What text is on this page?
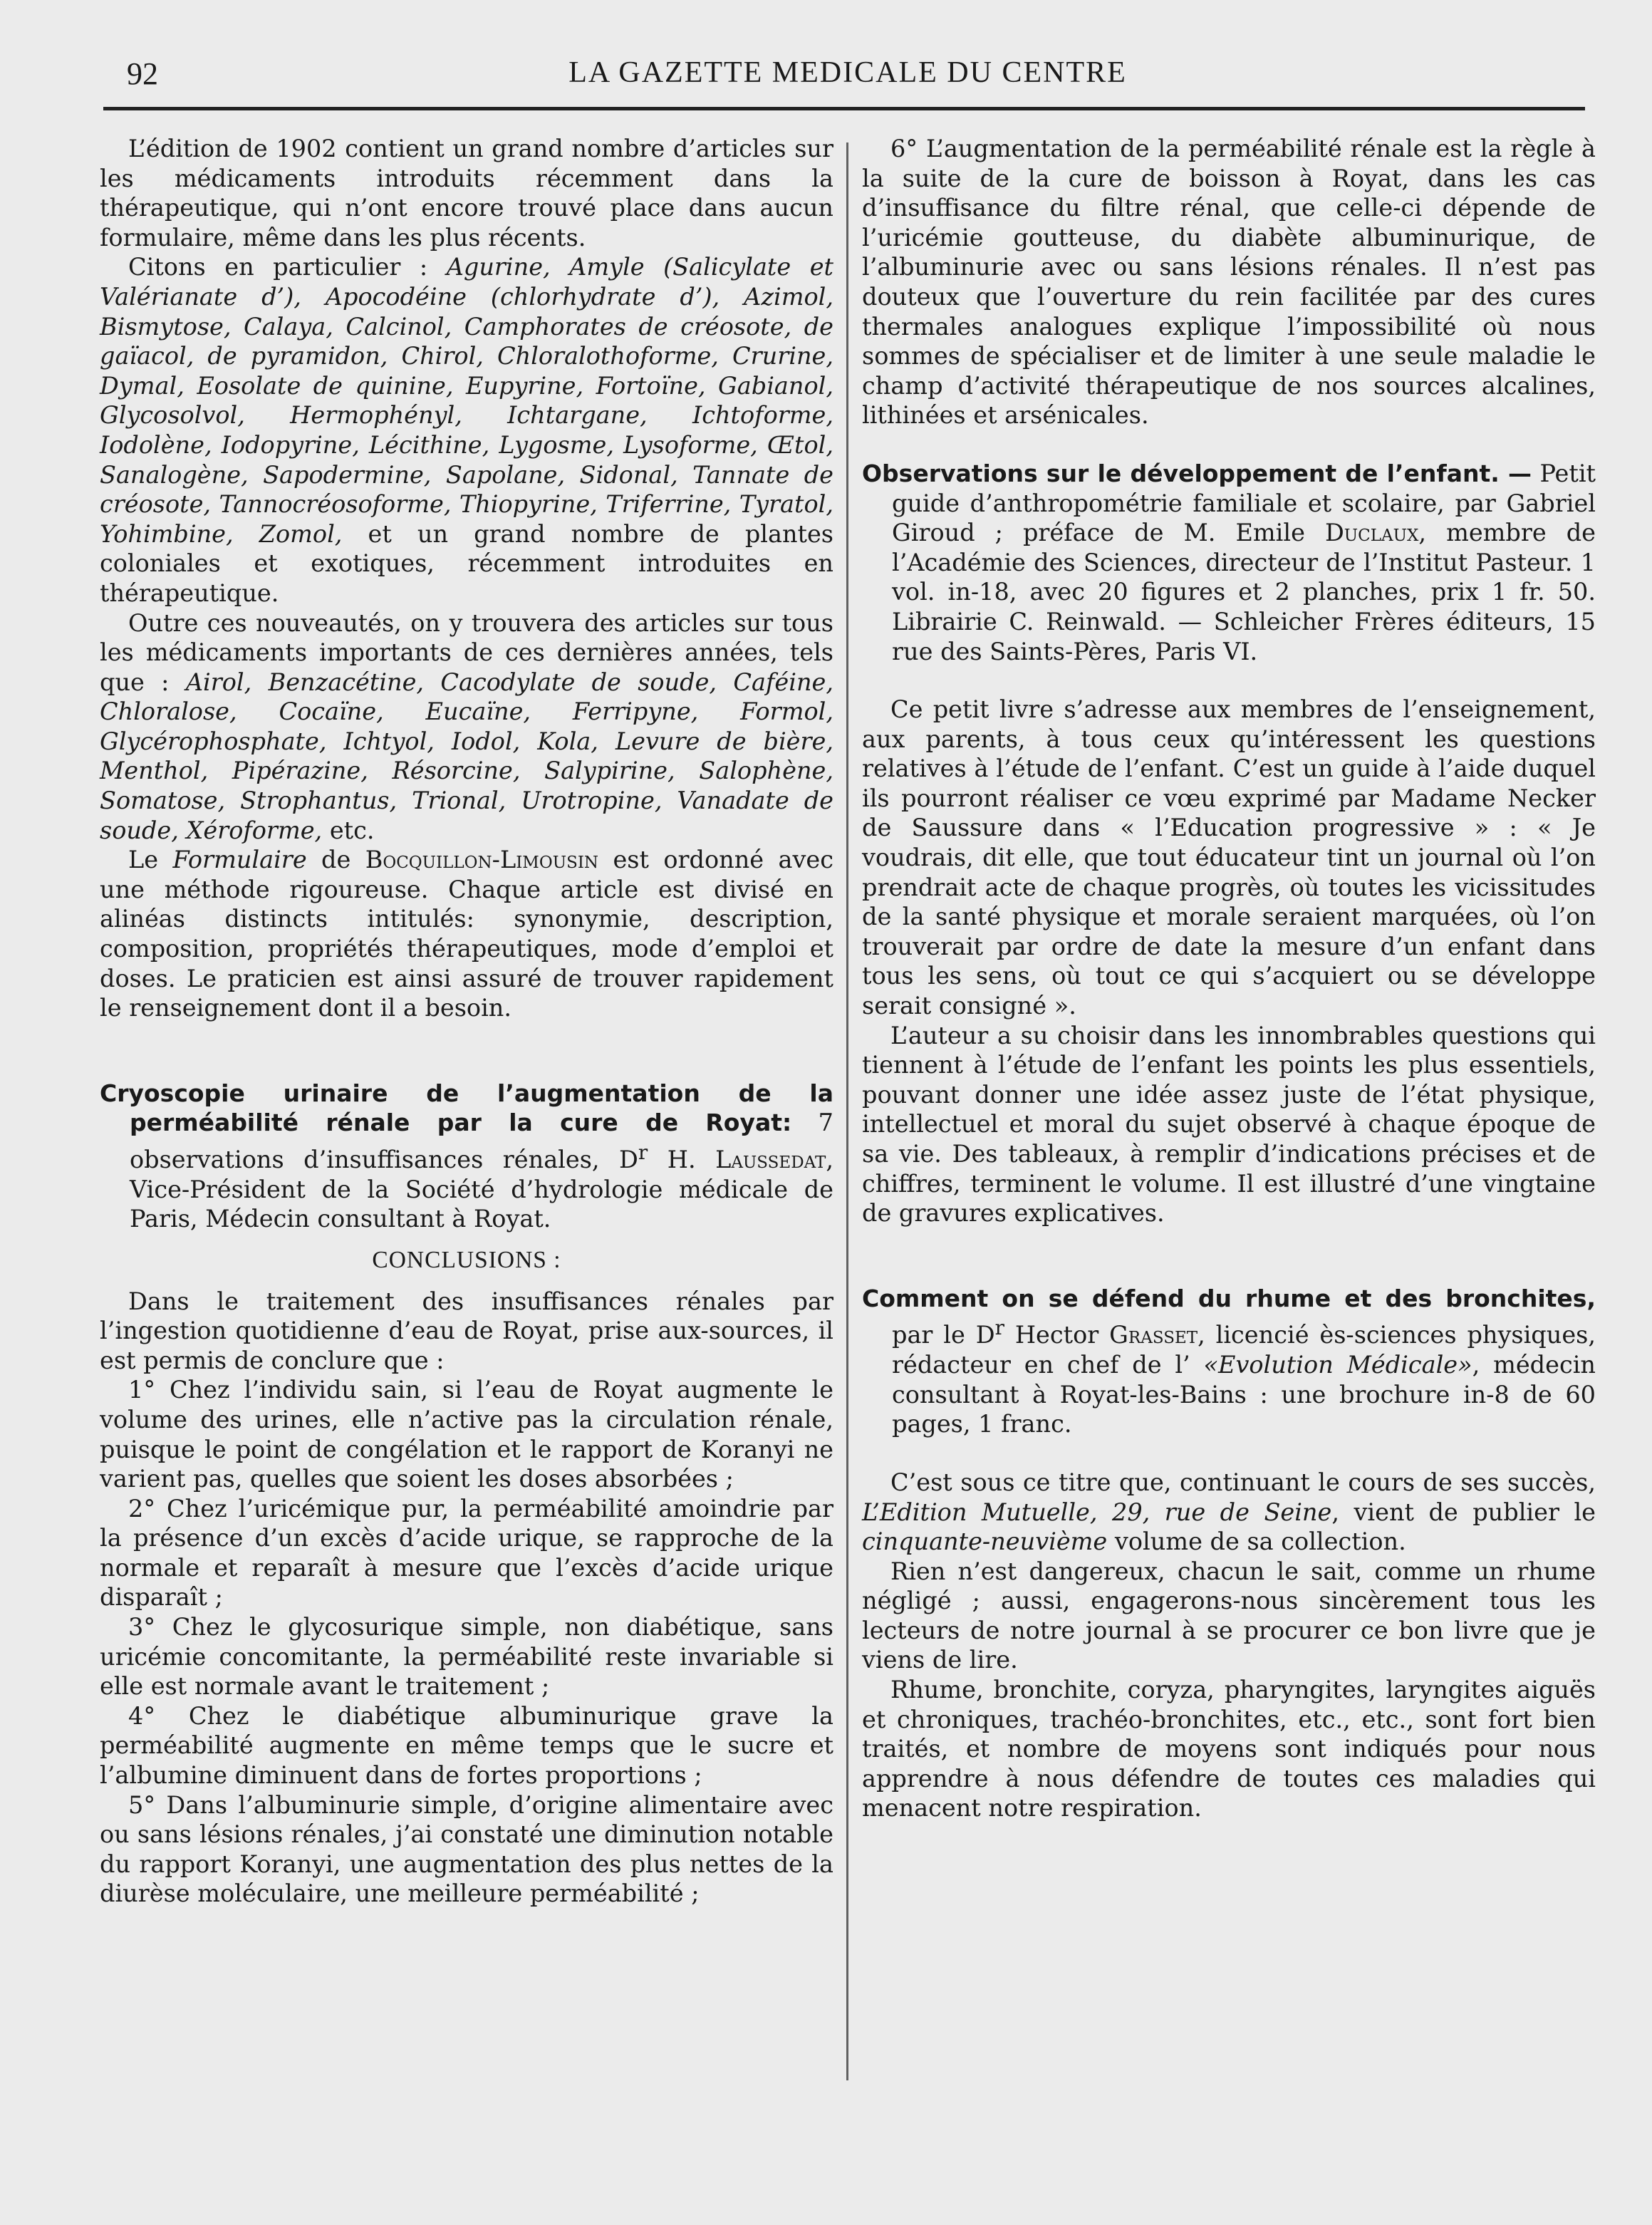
92	LA GAZETTE MEDICALE DU CENTRE

L’édition de 1902 contient un grand nombre d’articles sur les médicaments introduits récemment dans la thérapeutique, qui n’ont encore trouvé place dans aucun formulaire, même dans les plus récents.

Citons en particulier : Agurine, Amyle (Salicylate et Valérianate d’), Apocodéine (chlorhydrate d’), Azimol, Bismytose, Calaya, Calcinol, Camphorates de créosote, de gaïacol, de pyramidon, Chirol, Chloralothoforme, Crurine, Dymal, Eosolate de quinine, Eupyrine, Fortoïne, Gabianol, Glycosolvol, Hermophényl, Ichtargane, Ichtoforme, Iodolène, Iodopyrine, Lécithine, Lygosme, Lysoforme, Œtol, Sanalogène, Sapodermine, Sapolane, Sidonal, Tannate de créosote, Tannocréosoforme, Thiopyrine, Triferrine, Tyratol, Yohimbine, Zomol, et un grand nombre de plantes coloniales et exotiques, récemment introduites en thérapeutique.

Outre ces nouveautés, on y trouvera des articles sur tous les médicaments importants de ces dernières années, tels que : Airol, Benzacétine, Cacodylate de soude, Caféine, Chloralose, Cocaïne, Eucaïne, Ferripyne, Formol, Glycérophosphate, Ichtyol, Iodol, Kola, Levure de bière, Menthol, Pipérazine, Résorcine, Salypirine, Salophène, Somatose, Strophantus, Trional, Urotropine, Vanadate de soude, Xéroforme, etc.

Le Formulaire de Bocquillon-Limousin est ordonné avec une méthode rigoureuse. Chaque article est divisé en alinéas distincts intitulés: synonymie, description, composition, propriétés thérapeutiques, mode d’emploi et doses. Le praticien est ainsi assuré de trouver rapidement le renseignement dont il a besoin.

Cryoscopie urinaire de l’augmentation de la perméabilité rénale par la cure de Royat: 7 observations d’insuffisances rénales, $D^r$ H. Laussedat, Vice-Président de la Société d’hydrologie médicale de Paris, Médecin consultant à Royat.

CONCLUSIONS :

Dans le traitement des insuffisances rénales par l’ingestion quotidienne d’eau de Royat, prise aux-sources, il est permis de conclure que :

1° Chez l’individu sain, si l’eau de Royat augmente le volume des urines, elle n’active pas la circulation rénale, puisque le point de congélation et le rapport de Koranyi ne varient pas, quelles que soient les doses absorbées ;

2° Chez l’uricémique pur, la perméabilité amoindrie par la présence d’un excès d’acide urique, se rapproche de la normale et reparaît à mesure que l’excès d’acide urique disparaît ;

3° Chez le glycosurique simple, non diabétique, sans uricémie concomitante, la perméabilité reste invariable si elle est normale avant le traitement ;

4° Chez le diabétique albuminurique grave la perméabilité augmente en même temps que le sucre et l’albumine diminuent dans de fortes proportions ;

5° Dans l’albuminurie simple, d’origine alimentaire avec ou sans lésions rénales, j’ai constaté une diminution notable du rapport Koranyi, une augmentation des plus nettes de la diurèse moléculaire, une meilleure perméabilité ;

6° L’augmentation de la perméabilité rénale est la règle à la suite de la cure de boisson à Royat, dans les cas d’insuffisance du filtre rénal, que celle-ci dépende de l’uricémie goutteuse, du diabète albuminurique, de l’albuminurie avec ou sans lésions rénales. Il n’est pas douteux que l’ouverture du rein facilitée par des cures thermales analogues explique l’impossibilité où nous sommes de spécialiser et de limiter à une seule maladie le champ d’activité thérapeutique de nos sources alcalines, lithinées et arsénicales.

Observations sur le développement de l’enfant. — Petit guide d’anthropométrie familiale et scolaire, par Gabriel Giroud ; préface de M. Emile Duclaux, membre de l’Académie des Sciences, directeur de l’Institut Pasteur. 1 vol. in-18, avec 20 figures et 2 planches, prix 1 fr. 50. Librairie C. Reinwald. — Schleicher Frères éditeurs, 15 rue des Saints-Pères, Paris VI.

Ce petit livre s’adresse aux membres de l’enseignement, aux parents, à tous ceux qu’intéressent les questions relatives à l’étude de l’enfant. C’est un guide à l’aide duquel ils pourront réaliser ce vœu exprimé par Madame Necker de Saussure dans « l’Education progressive » : « Je voudrais, dit elle, que tout éducateur tint un journal où l’on prendrait acte de chaque progrès, où toutes les vicissitudes de la santé physique et morale seraient marquées, où l’on trouverait par ordre de date la mesure d’un enfant dans tous les sens, où tout ce qui s’acquiert ou se développe serait consigné ».

L’auteur a su choisir dans les innombrables questions qui tiennent à l’étude de l’enfant les points les plus essentiels, pouvant donner une idée assez juste de l’état physique, intellectuel et moral du sujet observé à chaque époque de sa vie. Des tableaux, à remplir d’indications précises et de chiffres, terminent le volume. Il est illustré d’une vingtaine de gravures explicatives.

Comment on se défend du rhume et des bronchites, par le $D^r$ Hector Grasset, licencié ès-sciences physiques, rédacteur en chef de l’ «Evolution Médicale», médecin consultant à Royat-les-Bains : une brochure in-8 de 60 pages, 1 franc.

C’est sous ce titre que, continuant le cours de ses succès, L’Edition Mutuelle, 29, rue de Seine, vient de publier le cinquante-neuvième volume de sa collection.

Rien n’est dangereux, chacun le sait, comme un rhume négligé ; aussi, engagerons-nous sincèrement tous les lecteurs de notre journal à se procurer ce bon livre que je viens de lire.

Rhume, bronchite, coryza, pharyngites, laryngites aiguës et chroniques, trachéo-bronchites, etc., etc., sont fort bien traités, et nombre de moyens sont indiqués pour nous apprendre à nous défendre de toutes ces maladies qui menacent notre respiration.
